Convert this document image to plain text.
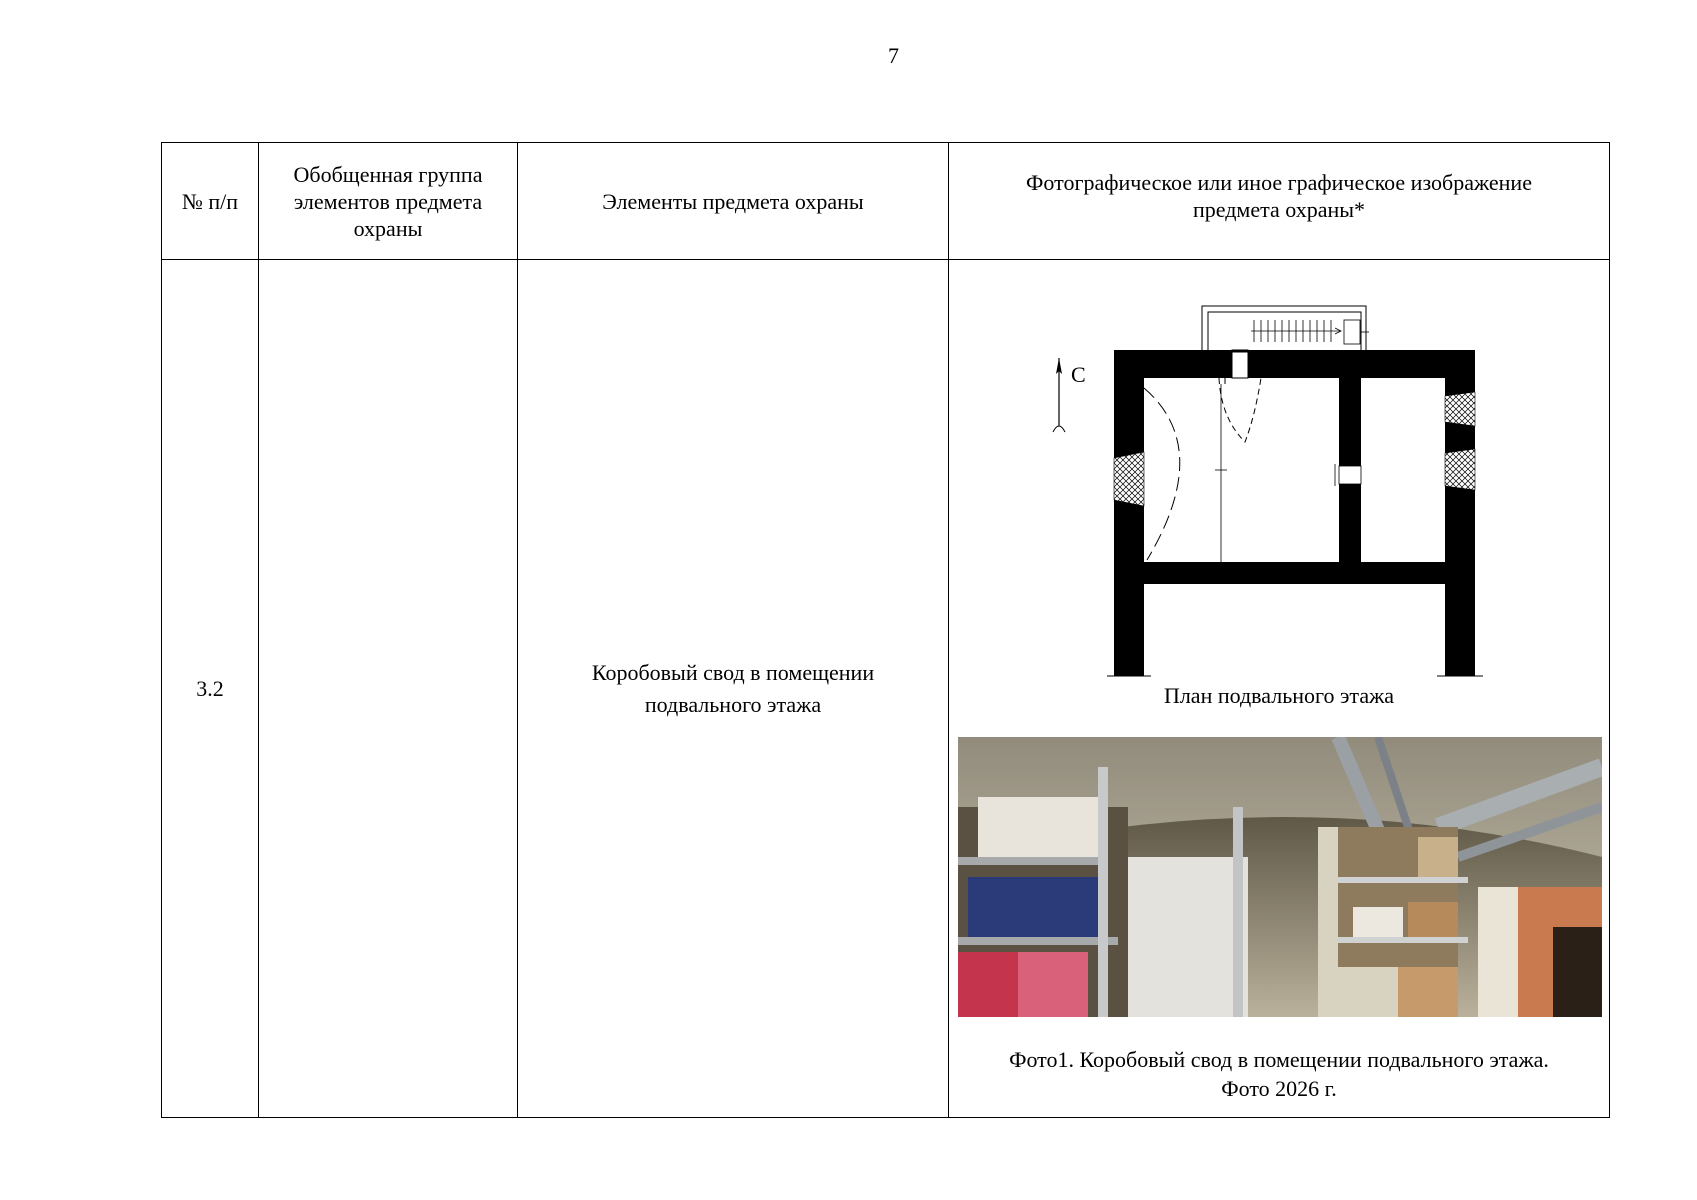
7
№ п/п	Обобщенная группа элементов предмета охраны	Элементы предмета охраны	Фотографическое или иное графическое изображение предмета охраны*
3.2		Коробовый свод в помещении подвального этажа	С
План подвального этажа
Фото1. Коробовый свод в помещении подвального этажа.
Фото 2026 г.
